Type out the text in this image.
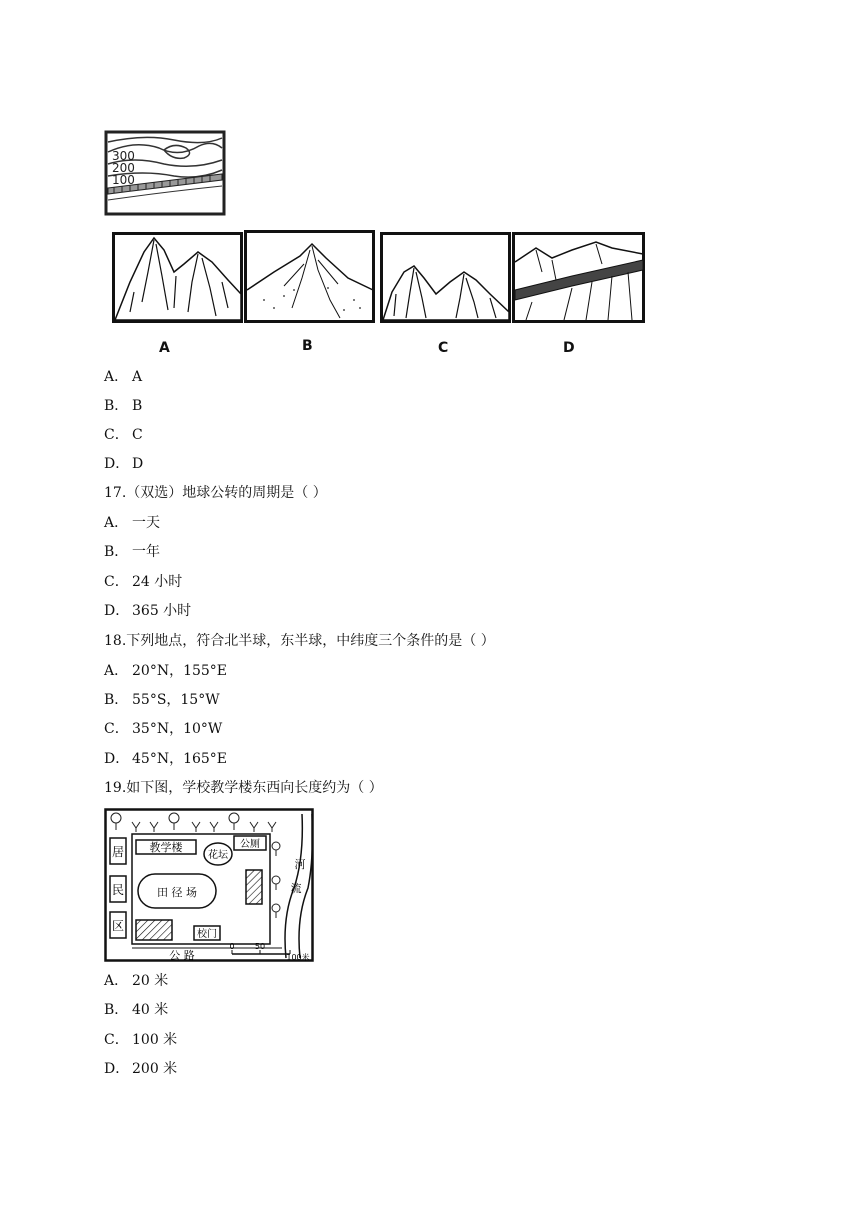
300
200
100
A	B	C	D
A． A
B． B
C． C
D． D
17.（双选）地球公转的周期是（ ）
A． 一天
B． 一年
C． 24 小时
D． 365 小时
18.下列地点，符合北半球，东半球，中纬度三个条件的是（ ）
A． 20°N，155°E
B． 55°S，15°W
C． 35°N，10°W
D． 45°N，165°E
19.如下图，学校教学楼东西向长度约为（ ）
居
民
区
教学楼
花坛
公厕
田 径 场
校门
河
流
公 路
0	50
100米
A． 20 米
B． 40 米
C． 100 米
D． 200 米
